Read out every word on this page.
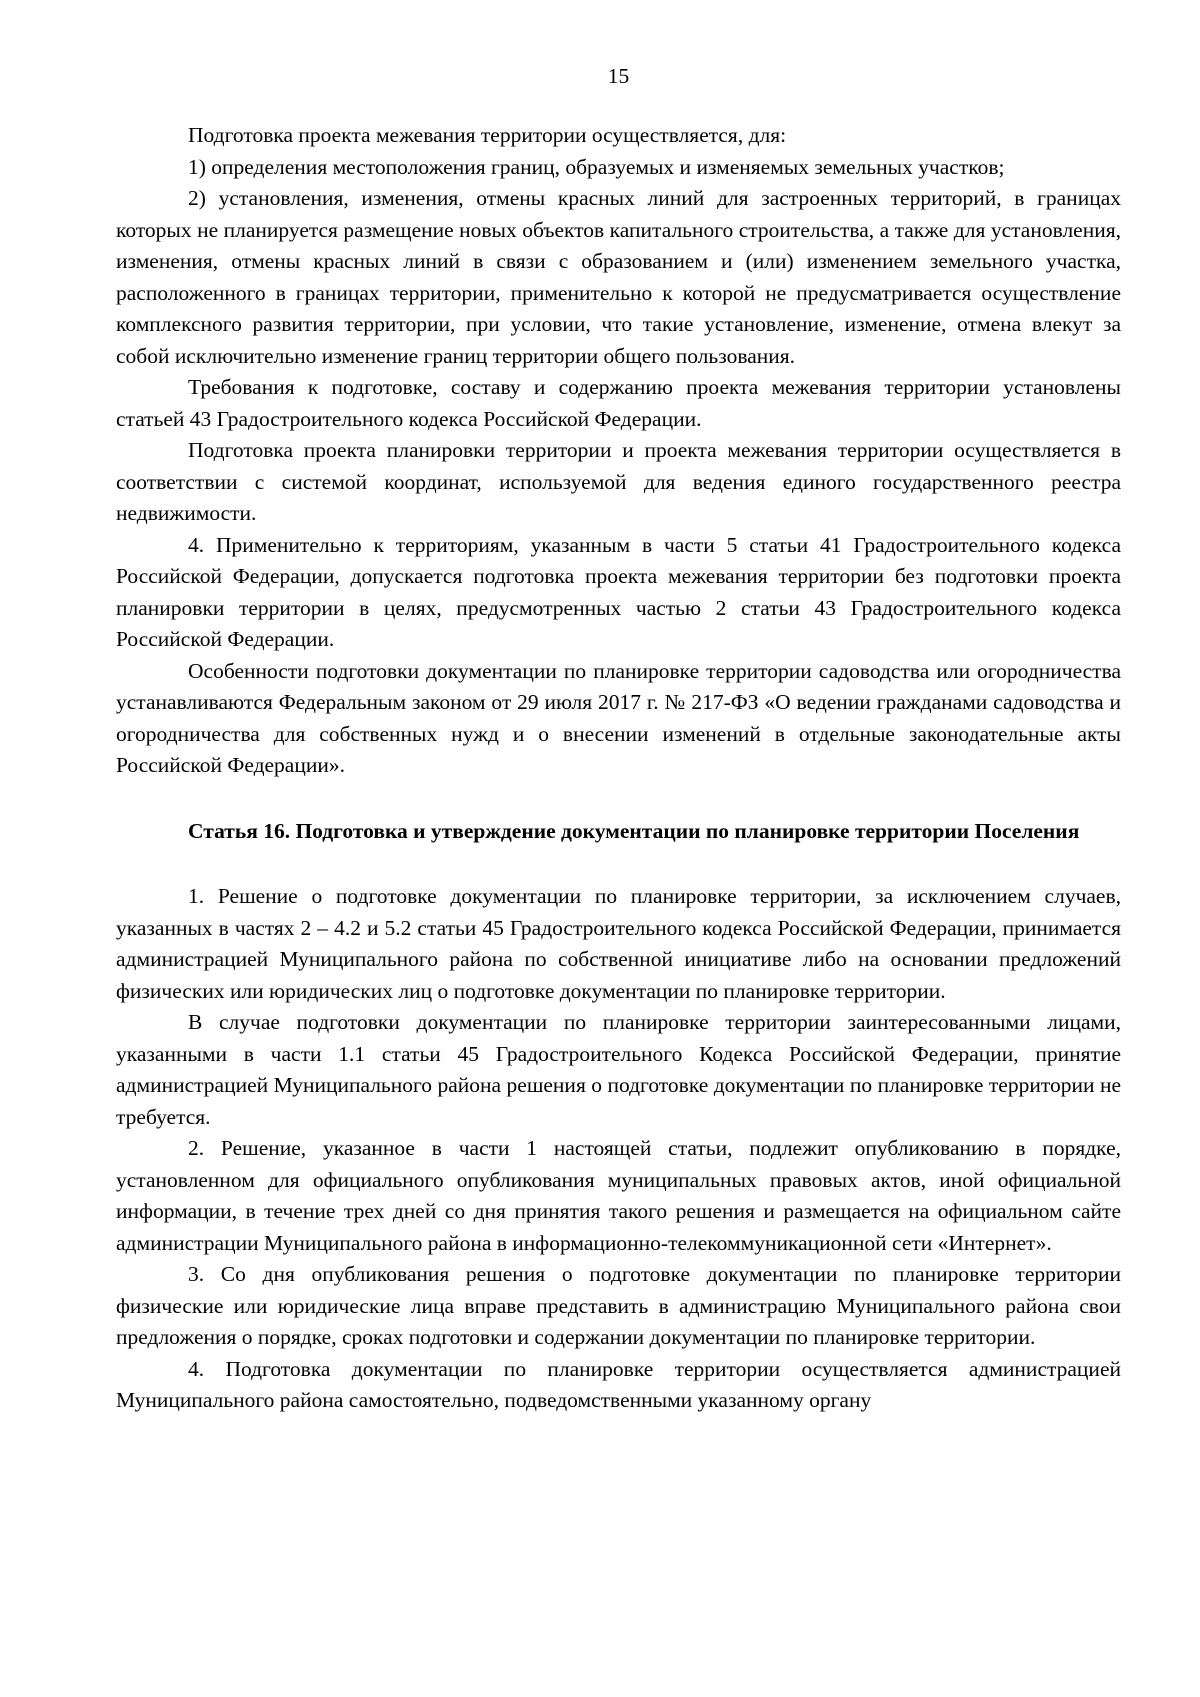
15

Подготовка проекта межевания территории осуществляется, для:

1) определения местоположения границ, образуемых и изменяемых земельных участков;

2) установления, изменения, отмены красных линий для застроенных территорий, в границах которых не планируется размещение новых объектов капитального строительства, а также для установления, изменения, отмены красных линий в связи с образованием и (или) изменением земельного участка, расположенного в границах территории, применительно к которой не предусматривается осуществление комплексного развития территории, при условии, что такие установление, изменение, отмена влекут за собой исключительно изменение границ территории общего пользования.

Требования к подготовке, составу и содержанию проекта межевания территории установлены статьей 43 Градостроительного кодекса Российской Федерации.

Подготовка проекта планировки территории и проекта межевания территории осуществляется в соответствии с системой координат, используемой для ведения единого государственного реестра недвижимости.

4. Применительно к территориям, указанным в части 5 статьи 41 Градостроительного кодекса Российской Федерации, допускается подготовка проекта межевания территории без подготовки проекта планировки территории в целях, предусмотренных частью 2 статьи 43 Градостроительного кодекса Российской Федерации.

Особенности подготовки документации по планировке территории садоводства или огородничества устанавливаются Федеральным законом от 29 июля 2017 г. № 217-ФЗ «О ведении гражданами садоводства и огородничества для собственных нужд и о внесении изменений в отдельные законодательные акты Российской Федерации».

Статья 16. Подготовка и утверждение документации по планировке территории Поселения

1. Решение о подготовке документации по планировке территории, за исключением случаев, указанных в частях 2 – 4.2 и 5.2 статьи 45 Градостроительного кодекса Российской Федерации, принимается администрацией Муниципального района по собственной инициативе либо на основании предложений физических или юридических лиц о подготовке документации по планировке территории.

В случае подготовки документации по планировке территории заинтересованными лицами, указанными в части 1.1 статьи 45 Градостроительного Кодекса Российской Федерации, принятие администрацией Муниципального района решения о подготовке документации по планировке территории не требуется.

2. Решение, указанное в части 1 настоящей статьи, подлежит опубликованию в порядке, установленном для официального опубликования муниципальных правовых актов, иной официальной информации, в течение трех дней со дня принятия такого решения и размещается на официальном сайте администрации Муниципального района в информационно-телекоммуникационной сети «Интернет».

3. Со дня опубликования решения о подготовке документации по планировке территории физические или юридические лица вправе представить в администрацию Муниципального района свои предложения о порядке, сроках подготовки и содержании документации по планировке территории.

4. Подготовка документации по планировке территории осуществляется администрацией Муниципального района самостоятельно, подведомственными указанному органу
